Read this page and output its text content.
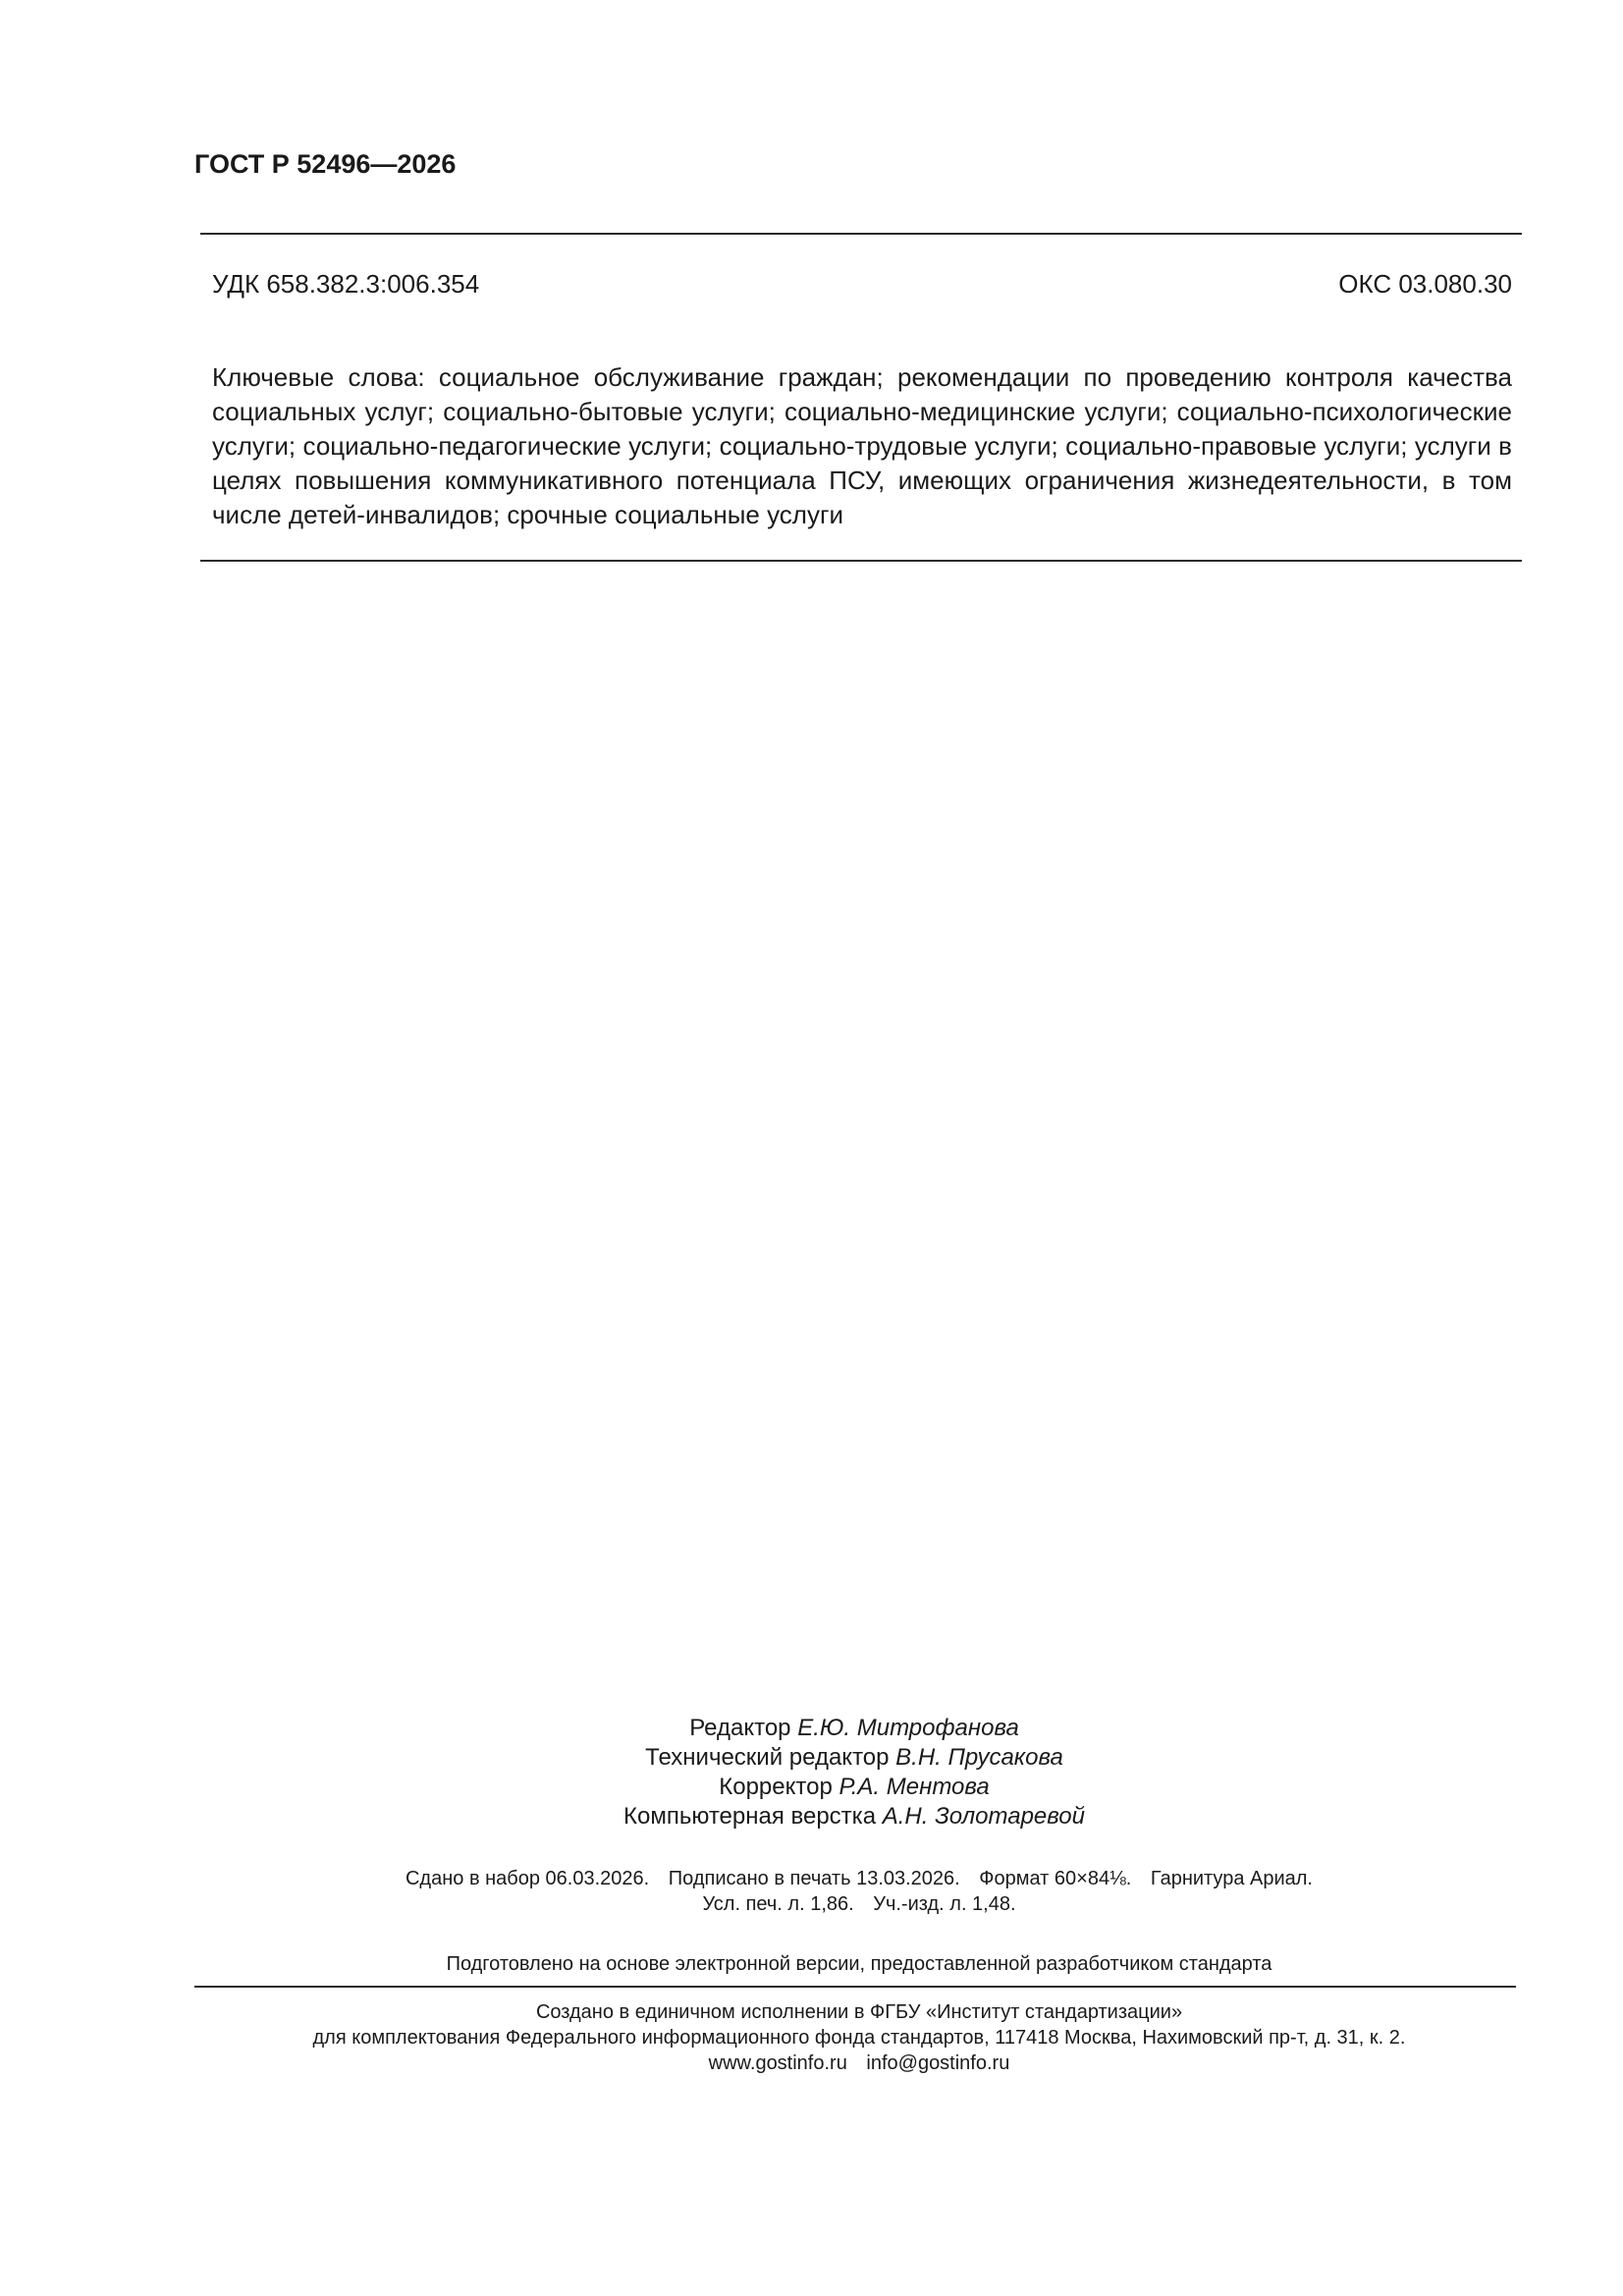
ГОСТ Р 52496—2026
УДК 658.382.3:006.354	ОКС 03.080.30

Ключевые слова: социальное обслуживание граждан; рекомендации по проведению контроля качества социальных услуг; социально-бытовые услуги; социально-медицинские услуги; социально-психологические услуги; социально-педагогические услуги; социально-трудовые услуги; социально-правовые услуги; услуги в целях повышения коммуникативного потенциала ПСУ, имеющих ограничения жизнедеятельности, в том числе детей-инвалидов; срочные социальные услуги

Редактор Е.Ю. Митрофанова
Технический редактор В.Н. Прусакова
Корректор Р.А. Ментова
Компьютерная верстка А.Н. Золотаревой
Сдано в набор 06.03.2026. Подписано в печать 13.03.2026. Формат 60×84⅛. Гарнитура Ариал.
Усл. печ. л. 1,86. Уч.-изд. л. 1,48.
Подготовлено на основе электронной версии, предоставленной разработчиком стандарта
Создано в единичном исполнении в ФГБУ «Институт стандартизации»
для комплектования Федерального информационного фонда стандартов, 117418 Москва, Нахимовский пр-т, д. 31, к. 2.
www.gostinfo.ru info@gostinfo.ru
